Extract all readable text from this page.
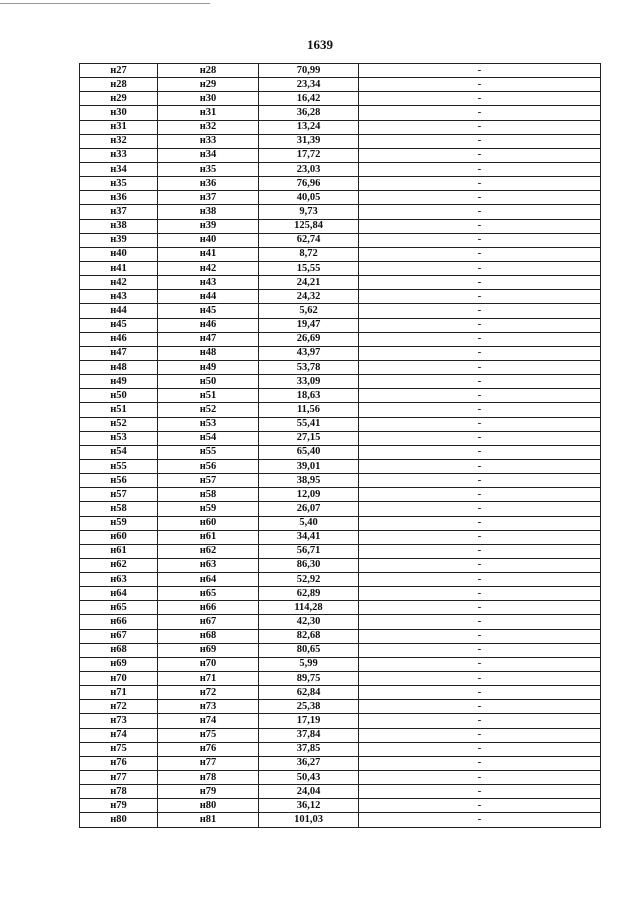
1639
н27	н28	70,99	-
н28	н29	23,34	-
н29	н30	16,42	-
н30	н31	36,28	-
н31	н32	13,24	-
н32	н33	31,39	-
н33	н34	17,72	-
н34	н35	23,03	-
н35	н36	76,96	-
н36	н37	40,05	-
н37	н38	9,73	-
н38	н39	125,84	-
н39	н40	62,74	-
н40	н41	8,72	-
н41	н42	15,55	-
н42	н43	24,21	-
н43	н44	24,32	-
н44	н45	5,62	-
н45	н46	19,47	-
н46	н47	26,69	-
н47	н48	43,97	-
н48	н49	53,78	-
н49	н50	33,09	-
н50	н51	18,63	-
н51	н52	11,56	-
н52	н53	55,41	-
н53	н54	27,15	-
н54	н55	65,40	-
н55	н56	39,01	-
н56	н57	38,95	-
н57	н58	12,09	-
н58	н59	26,07	-
н59	н60	5,40	-
н60	н61	34,41	-
н61	н62	56,71	-
н62	н63	86,30	-
н63	н64	52,92	-
н64	н65	62,89	-
н65	н66	114,28	-
н66	н67	42,30	-
н67	н68	82,68	-
н68	н69	80,65	-
н69	н70	5,99	-
н70	н71	89,75	-
н71	н72	62,84	-
н72	н73	25,38	-
н73	н74	17,19	-
н74	н75	37,84	-
н75	н76	37,85	-
н76	н77	36,27	-
н77	н78	50,43	-
н78	н79	24,04	-
н79	н80	36,12	-
н80	н81	101,03	-
